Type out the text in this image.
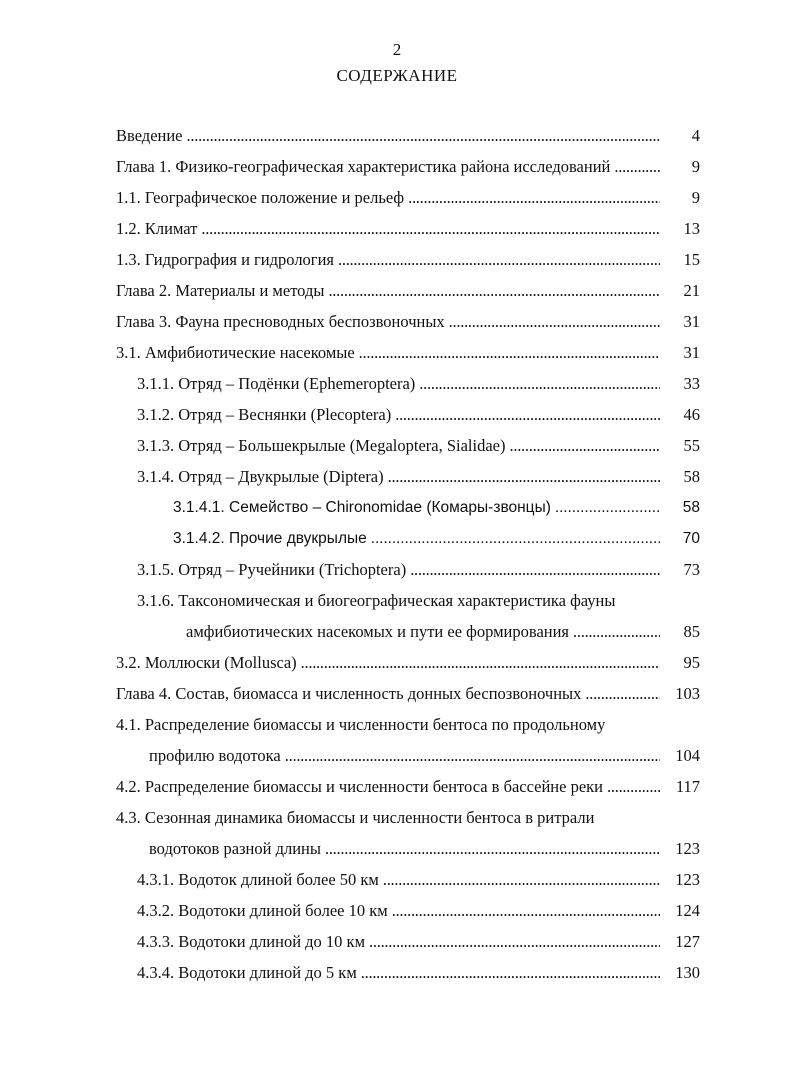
2
СОДЕРЖАНИЕ
Введение . . .	4
Глава 1. Физико-географическая характеристика района исследований . . .	9
1.1. Географическое положение и рельеф . . .	9
1.2. Климат . . .	13
1.3. Гидрография и гидрология . . .	15
Глава 2. Материалы и методы . . .	21
Глава 3. Фауна пресноводных беспозвоночных . . .	31
3.1. Амфибиотические насекомые . . .	31
3.1.1. Отряд – Подёнки (Ephemeroptera) . . .	33
3.1.2. Отряд – Веснянки (Plecoptera) . . .	46
3.1.3. Отряд – Большекрылые (Megaloptera, Sialidae) . . .	55
3.1.4. Отряд – Двукрылые (Diptera) . . .	58
3.1.4.1. Семейство – Chironomidae (Комары-звонцы) . . .	58
3.1.4.2. Прочие двукрылые . . .	70
3.1.5. Отряд – Ручейники (Trichoptera) . . .	73
3.1.6. Таксономическая и биогеографическая характеристика фауны
амфибиотических насекомых и пути ее формирования . . .	85
3.2. Моллюски (Mollusca) . . .	95
Глава 4. Состав, биомасса и численность донных беспозвоночных . . .	103
4.1. Распределение биомассы и численности бентоса по продольному
профилю водотока . . .	104
4.2. Распределение биомассы и численности бентоса в бассейне реки . . .	117
4.3. Сезонная динамика биомассы и численности бентоса в ритрали
водотоков разной длины . . .	123
4.3.1. Водоток длиной более 50 км . . .	123
4.3.2. Водотоки длиной более 10 км . . .	124
4.3.3. Водотоки длиной до 10 км . . .	127
4.3.4. Водотоки длиной до 5 км . . .	130
